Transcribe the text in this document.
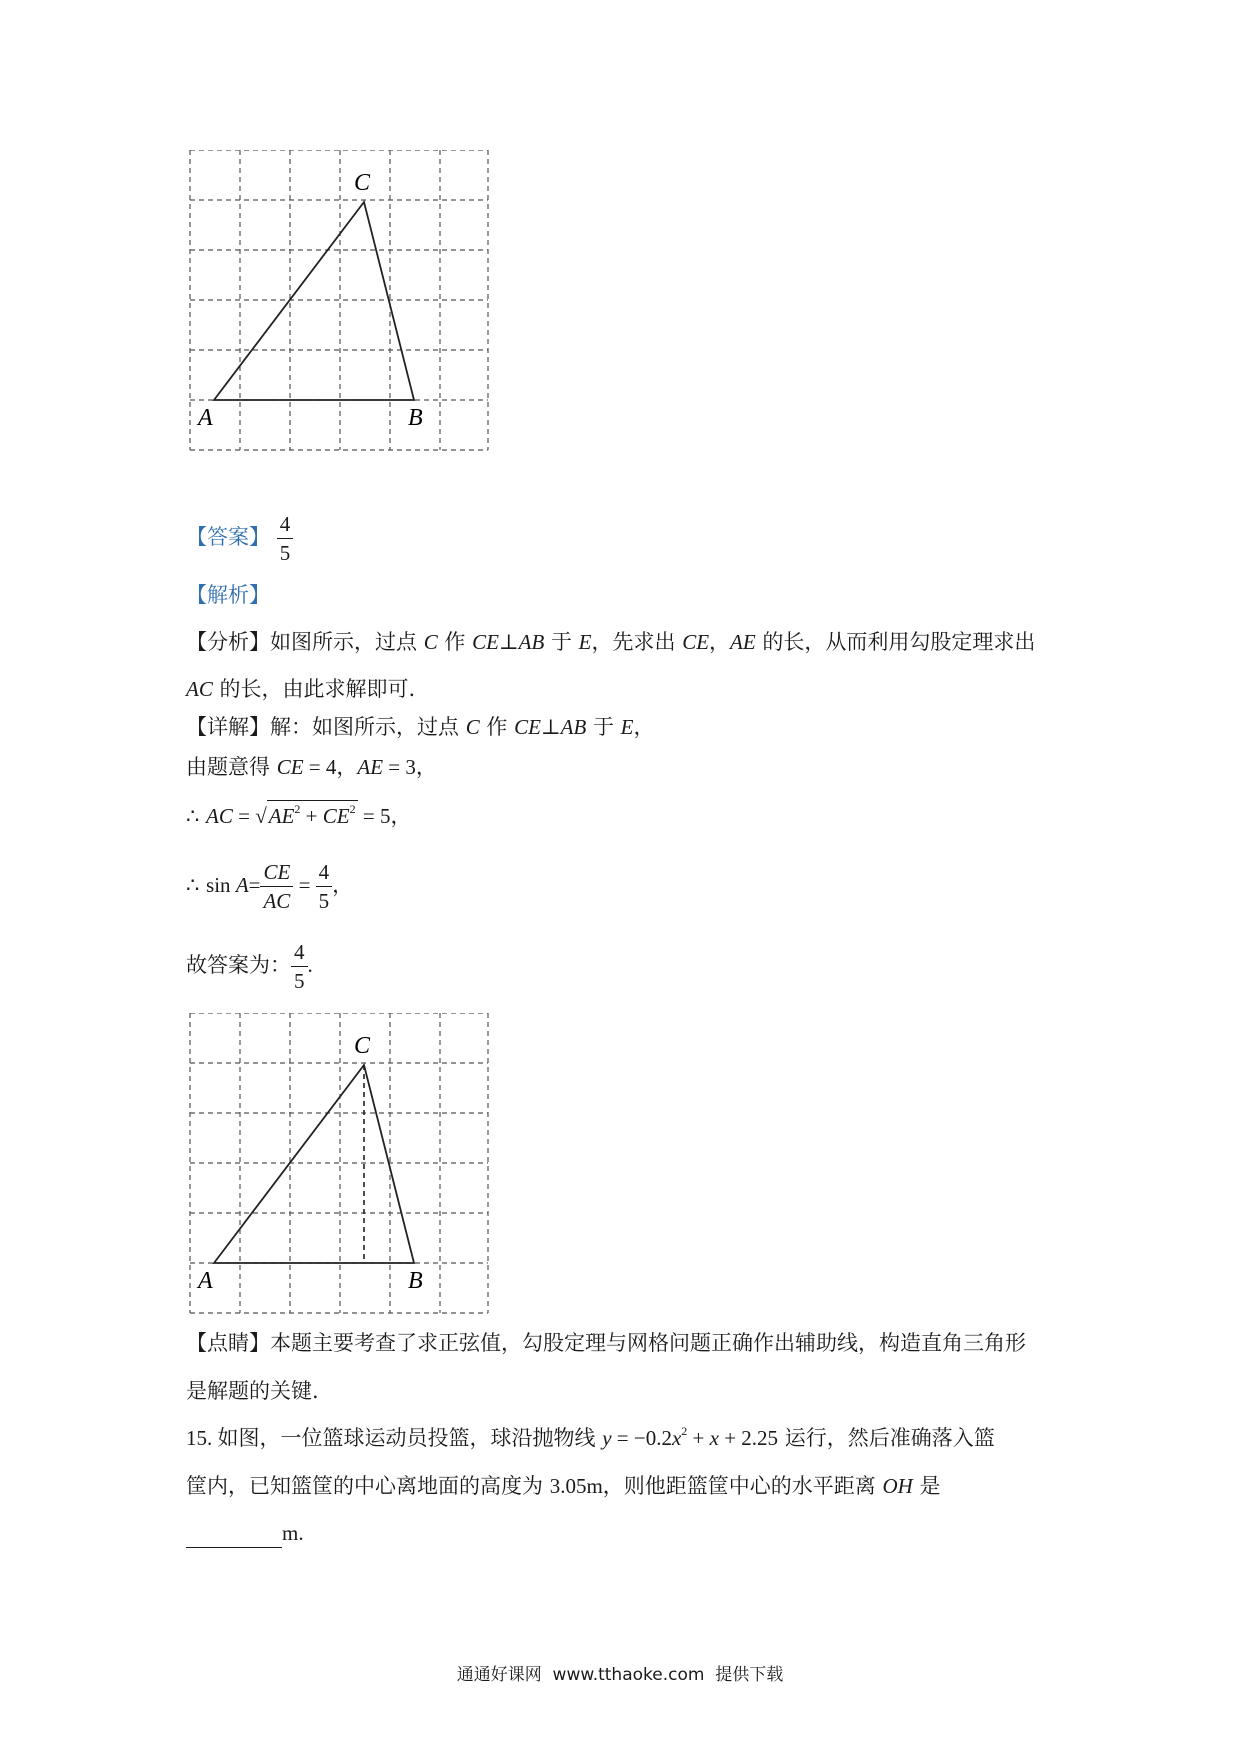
C
A	B
【答案】 $\frac{4}{5}$
【解析】
【分析】如图所示，过点 C 作 CE⊥AB 于 E，先求出 CE，AE 的长，从而利用勾股定理求出
AC 的长，由此求解即可.
【详解】解：如图所示，过点 C 作 CE⊥AB 于 E，
由题意得 CE = 4，AE = 3，
∴ AC = $√AE^2 + CE^2 = 5$，
∴ $\sin A= \frac{CE}{AC} = \frac{4}{5}$ ，
故答案为： $\frac{4}{5}$ .
C
A	B
【点睛】本题主要考查了求正弦值，勾股定理与网格问题正确作出辅助线，构造直角三角形
是解题的关键.
15. 如图，一位篮球运动员投篮，球沿抛物线 $y = -0.2x^2 + x + 2.25$ 运行，然后准确落入篮
筐内，已知篮筐的中心离地面的高度为 3.05m，则他距篮筐中心的水平距离 OH 是
m.
通通好课网  www.tthaoke.com  提供下载
